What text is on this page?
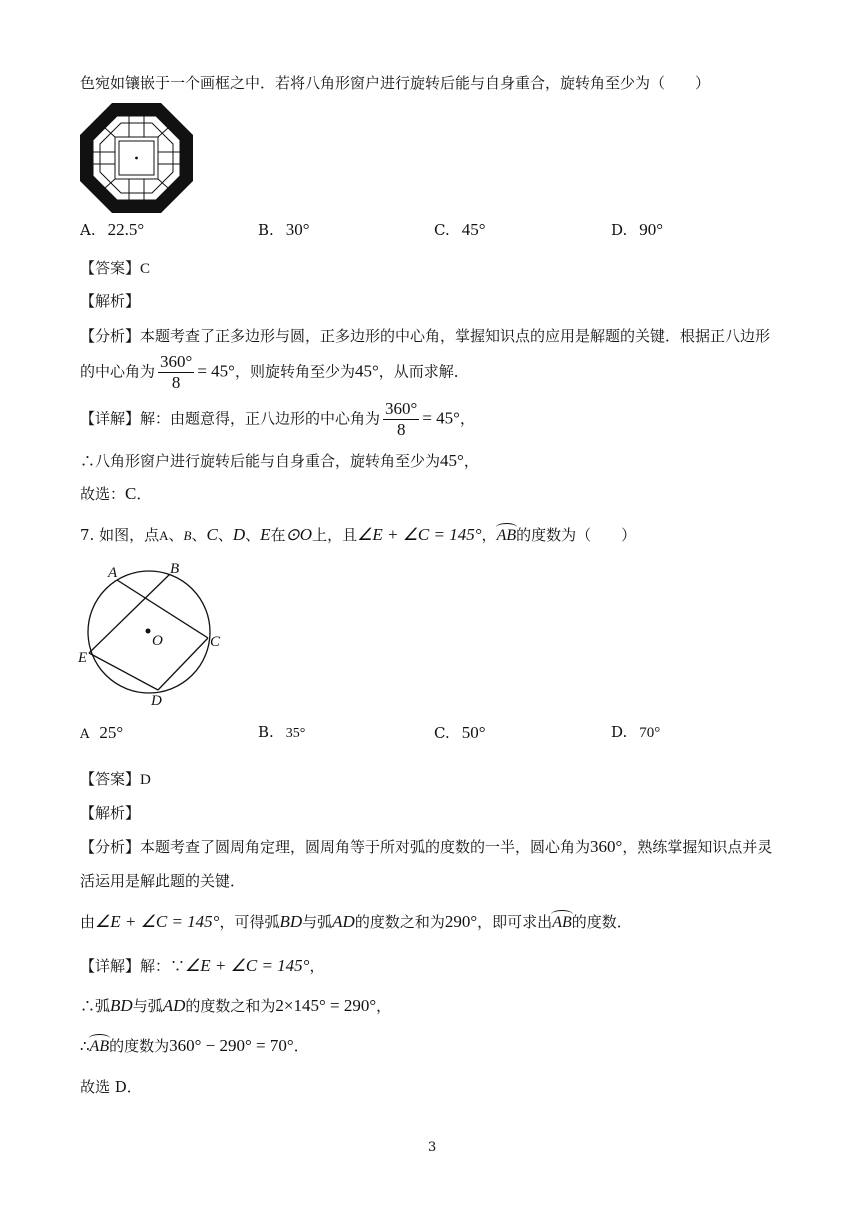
色宛如镶嵌于一个画框之中．若将八角形窗户进行旋转后能与自身重合，旋转角至少为（　　）
A. 22.5°	B. 30°	C. 45°	D. 90°
【答案】C
【解析】
【分析】本题考查了正多边形与圆，正多边形的中心角，掌握知识点的应用是解题的关键．根据正八边形
的中心角为 $\frac{360^\circ}{8} = 45^\circ$，则旋转角至少为45°，从而求解．
【详解】解：由题意得，正八边形的中心角为 $\frac{360^\circ}{8} = 45^\circ$，
∴八角形窗户进行旋转后能与自身重合，旋转角至少为45°，
故选：C．
7. 如图，点A、B、C、D、E在⊙O上，且∠E + ∠C = 145°，AB的度数为（　　）
A	B
C
D
E
O
A 25°	B. 35°	C. 50°	D. 70°
【答案】D
【解析】
【分析】本题考查了圆周角定理，圆周角等于所对弧的度数的一半，圆心角为360°，熟练掌握知识点并灵
活运用是解此题的关键．
由∠E + ∠C = 145°，可得弧BD与弧AD的度数之和为290°，即可求出AB的度数．
【详解】解：∵∠E + ∠C = 145°，
∴弧BD与弧AD的度数之和为2×145° = 290°，
∴AB的度数为360° − 290° = 70°．
故选 D．
3
